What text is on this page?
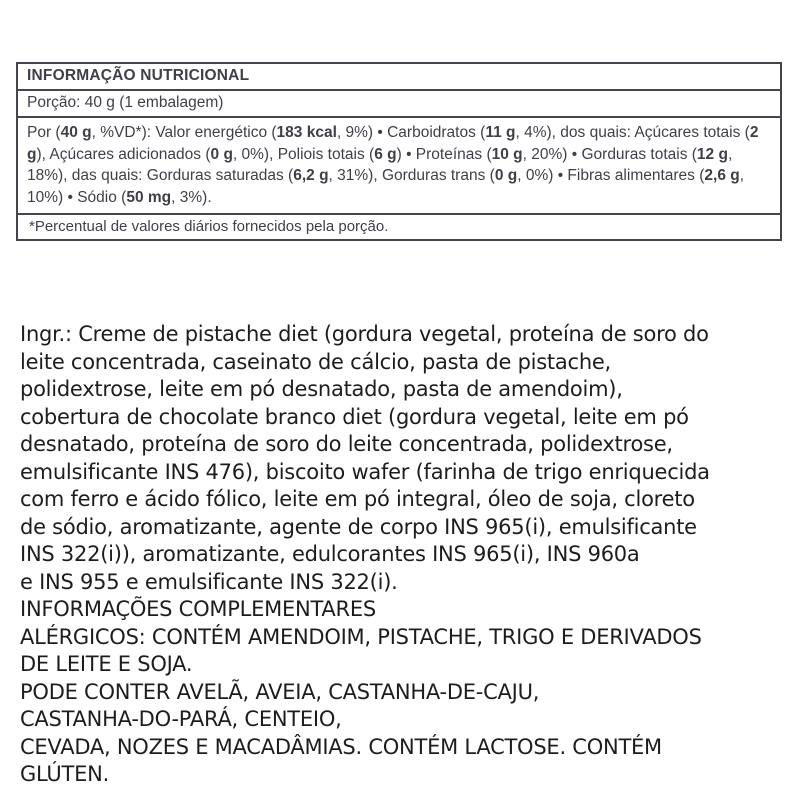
INFORMAÇÃO NUTRICIONAL
Porção: 40 g (1 embalagem)
Por (40 g, %VD*): Valor energético (183 kcal, 9%) • Carboidratos (11 g, 4%), dos quais: Açúcares totais (2 g), Açúcares adicionados (0 g, 0%), Poliois totais (6 g) • Proteínas (10 g, 20%) • Gorduras totais (12 g, 18%), das quais: Gorduras saturadas (6,2 g, 31%), Gorduras trans (0 g, 0%) • Fibras alimentares (2,6 g, 10%) • Sódio (50 mg, 3%).
*Percentual de valores diários fornecidos pela porção.
Ingr.: Creme de pistache diet (gordura vegetal, proteína de soro do
leite concentrada, caseinato de cálcio, pasta de pistache,
polidextrose, leite em pó desnatado, pasta de amendoim),
cobertura de chocolate branco diet (gordura vegetal, leite em pó
desnatado, proteína de soro do leite concentrada, polidextrose,
emulsificante INS 476), biscoito wafer (farinha de trigo enriquecida
com ferro e ácido fólico, leite em pó integral, óleo de soja, cloreto
de sódio, aromatizante, agente de corpo INS 965(i), emulsificante
INS 322(i)), aromatizante, edulcorantes INS 965(i), INS 960a
e INS 955 e emulsificante INS 322(i).
INFORMAÇÕES COMPLEMENTARES
ALÉRGICOS: CONTÉM AMENDOIM, PISTACHE, TRIGO E DERIVADOS
DE LEITE E SOJA.
PODE CONTER AVELÃ, AVEIA, CASTANHA-DE-CAJU,
CASTANHA-DO-PARÁ, CENTEIO,
CEVADA, NOZES E MACADÂMIAS. CONTÉM LACTOSE. CONTÉM
GLÚTEN.
